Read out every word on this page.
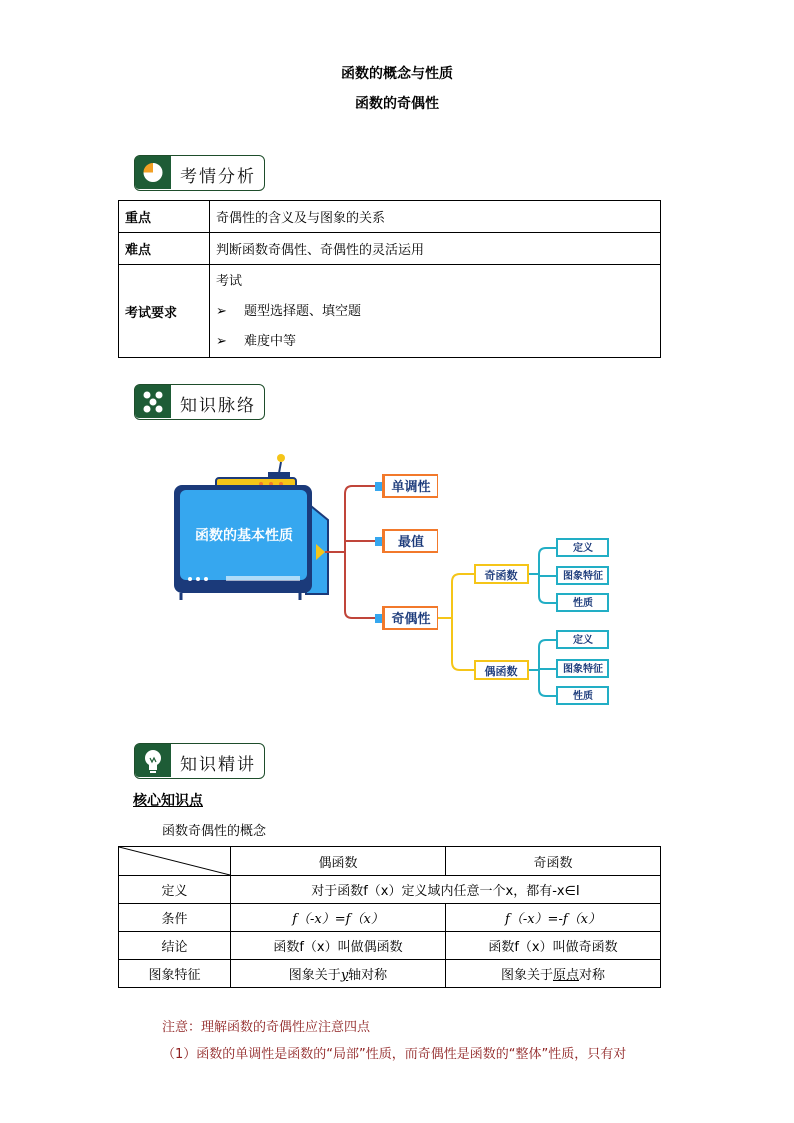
函数的概念与性质
函数的奇偶性
考情分析
重点	奇偶性的含义及与图象的关系
难点	判断函数奇偶性、奇偶性的灵活运用
考试要求	考试
➢ 题型选择题、填空题
➢ 难度中等
知识脉络
函数的基本性质
单调性
最值
奇偶性
奇函数
偶函数
定义
图象特征
性质
定义
图象特征
性质
知识精讲
核心知识点
函数奇偶性的概念
	偶函数	奇函数
定义	对于函数f（x）定义域内任意一个x，都有-x∈I	
条件	f（-x）=f（x）	f（-x）=-f（x）
结论	函数f（x）叫做偶函数	函数f（x）叫做奇函数
图象特征	图象关于y轴对称	图象关于原点对称
注意：理解函数的奇偶性应注意四点
（1）函数的单调性是函数的“局部”性质，而奇偶性是函数的“整体”性质，只有对
